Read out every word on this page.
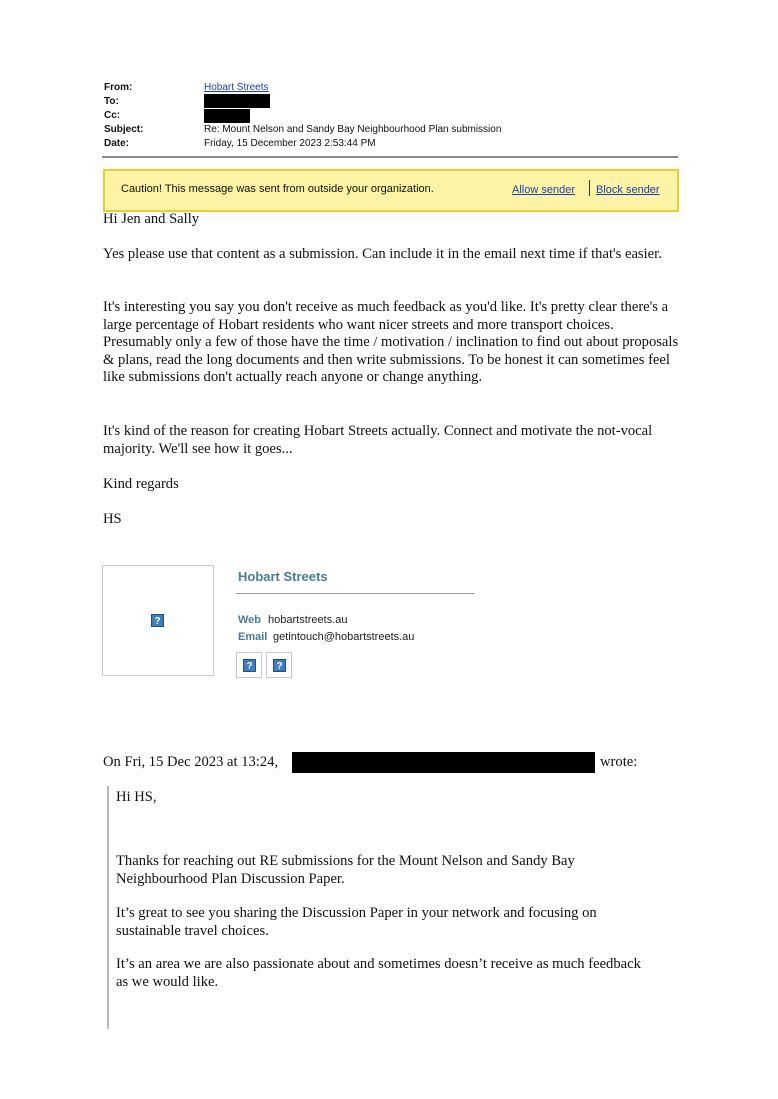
From:	Hobart Streets
To:
Cc:
Subject:	Re: Mount Nelson and Sandy Bay Neighbourhood Plan submission
Date:	Friday, 15 December 2023 2:53:44 PM
Caution! This message was sent from outside your organization.	Allow sender Block sender
Hi Jen and Sally
Yes please use that content as a submission. Can include it in the email next time if that's easier.
It's interesting you say you don't receive as much feedback as you'd like. It's pretty clear there's a large percentage of Hobart residents who want nicer streets and more transport choices. Presumably only a few of those have the time / motivation / inclination to find out about proposals & plans, read the long documents and then write submissions. To be honest it can sometimes feel like submissions don't actually reach anyone or change anything.
It's kind of the reason for creating Hobart Streets actually. Connect and motivate the not-vocal majority. We'll see how it goes...
Kind regards
HS
?
Hobart Streets
Web hobartstreets.au
Email getintouch@hobartstreets.au
?	?
On Fri, 15 Dec 2023 at 13:24,	wrote:
Hi HS,
Thanks for reaching out RE submissions for the Mount Nelson and Sandy Bay Neighbourhood Plan Discussion Paper.
It’s great to see you sharing the Discussion Paper in your network and focusing on sustainable travel choices.
It’s an area we are also passionate about and sometimes doesn’t receive as much feedback as we would like.
